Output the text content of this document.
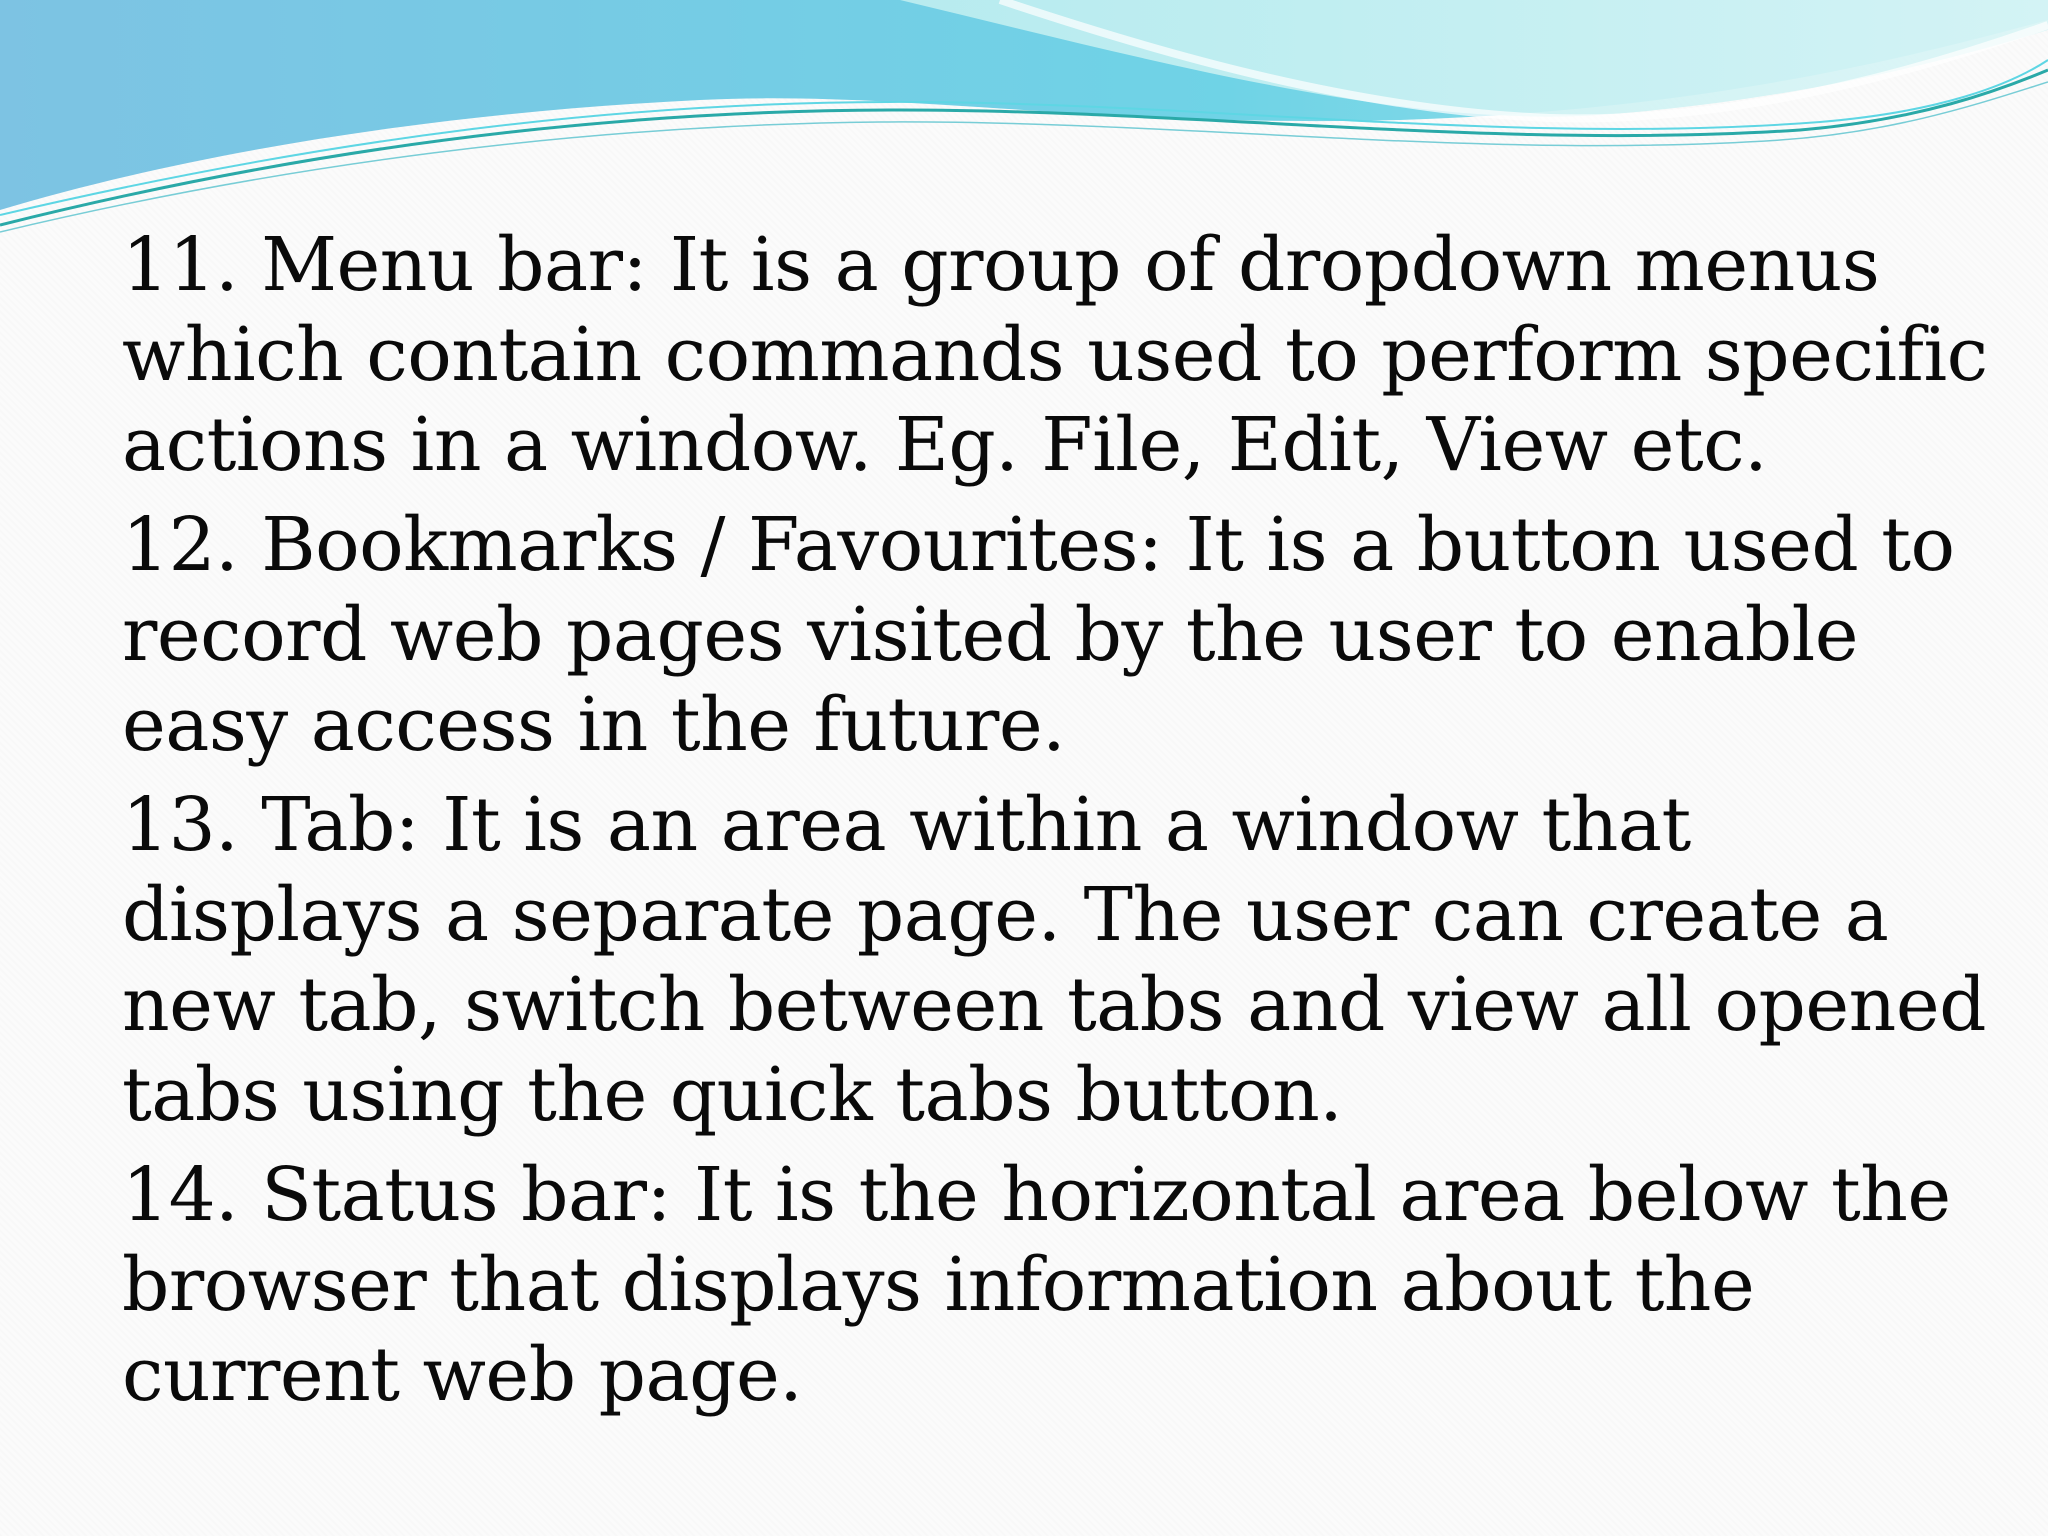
11. Menu bar: It is a group of dropdown menus which contain commands used to perform specific actions in a window. Eg. File, Edit, View etc.

12. Bookmarks / Favourites: It is a button used to record web pages visited by the user to enable easy access in the future.

13. Tab: It is an area within a window that displays a separate page. The user can create a new tab, switch between tabs and view all opened tabs using the quick tabs button.

14. Status bar: It is the horizontal area below the browser that displays information about the current web page.
